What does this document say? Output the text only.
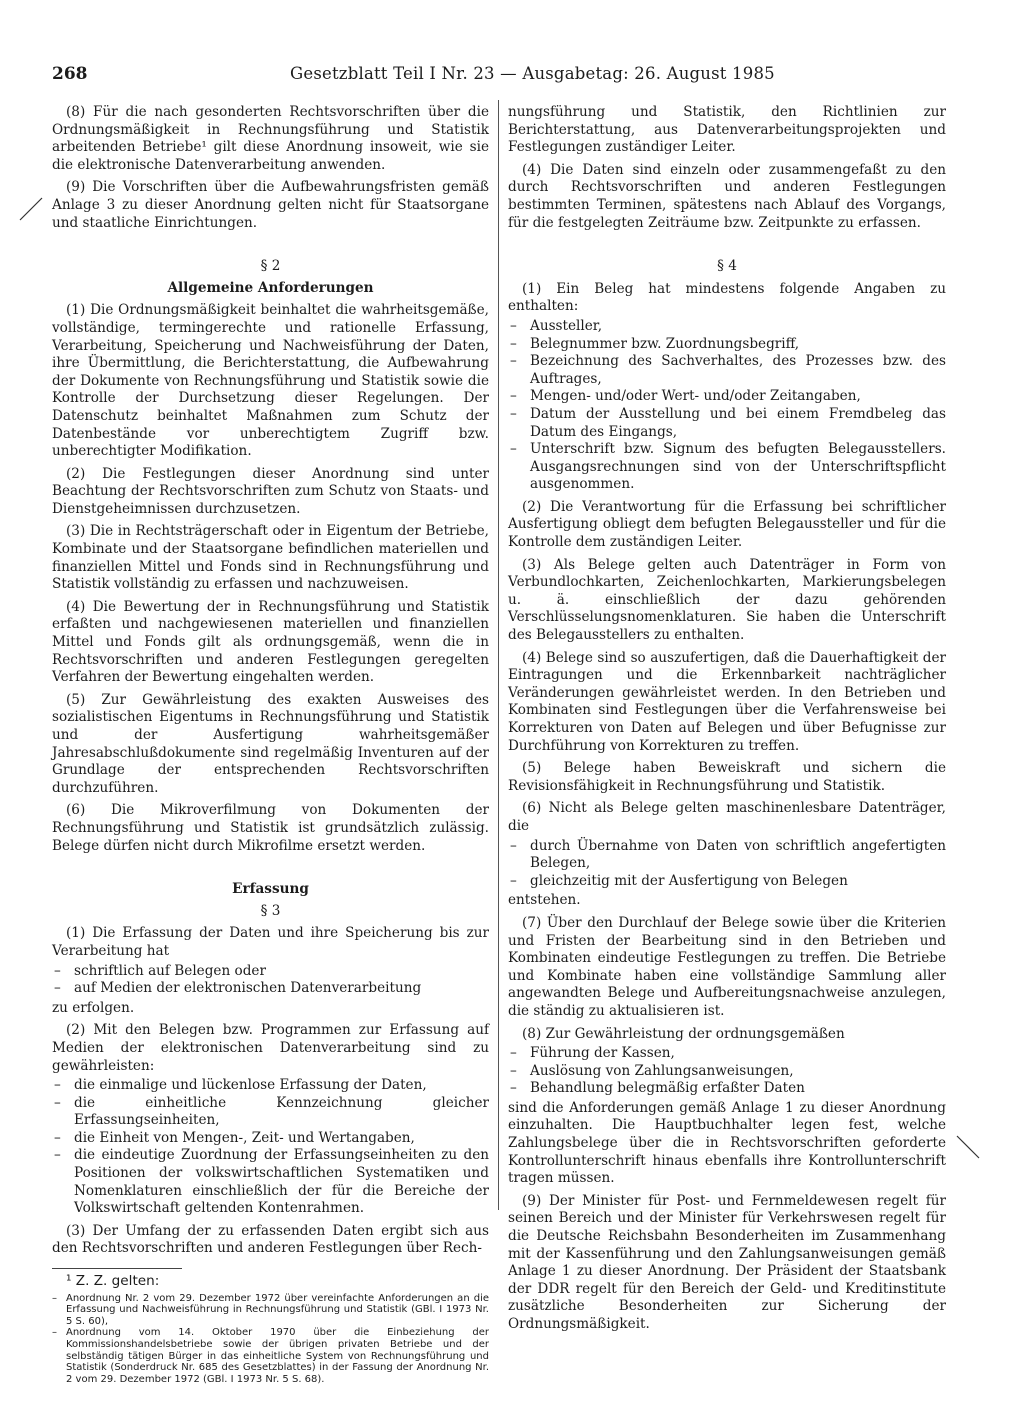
268	Gesetzblatt Teil I Nr. 23 — Ausgabetag: 26. August 1985

(8) Für die nach gesonderten Rechtsvorschriften über die Ordnungsmäßigkeit in Rechnungsführung und Statistik arbeitenden Betriebe¹ gilt diese Anordnung insoweit, wie sie die elektronische Datenverarbeitung anwenden.

(9) Die Vorschriften über die Aufbewahrungsfristen gemäß Anlage 3 zu dieser Anordnung gelten nicht für Staatsorgane und staatliche Einrichtungen.

§ 2
Allgemeine Anforderungen

(1) Die Ordnungsmäßigkeit beinhaltet die wahrheitsgemäße, vollständige, termingerechte und rationelle Erfassung, Verarbeitung, Speicherung und Nachweisführung der Daten, ihre Übermittlung, die Berichterstattung, die Aufbewahrung der Dokumente von Rechnungsführung und Statistik sowie die Kontrolle der Durchsetzung dieser Regelungen. Der Datenschutz beinhaltet Maßnahmen zum Schutz der Datenbestände vor unberechtigtem Zugriff bzw. unberechtigter Modifikation.

(2) Die Festlegungen dieser Anordnung sind unter Beachtung der Rechtsvorschriften zum Schutz von Staats- und Dienstgeheimnissen durchzusetzen.

(3) Die in Rechtsträgerschaft oder in Eigentum der Betriebe, Kombinate und der Staatsorgane befindlichen materiellen und finanziellen Mittel und Fonds sind in Rechnungsführung und Statistik vollständig zu erfassen und nachzuweisen.

(4) Die Bewertung der in Rechnungsführung und Statistik erfaßten und nachgewiesenen materiellen und finanziellen Mittel und Fonds gilt als ordnungsgemäß, wenn die in Rechtsvorschriften und anderen Festlegungen geregelten Verfahren der Bewertung eingehalten werden.

(5) Zur Gewährleistung des exakten Ausweises des sozialistischen Eigentums in Rechnungsführung und Statistik und der Ausfertigung wahrheitsgemäßer Jahresabschlußdokumente sind regelmäßig Inventuren auf der Grundlage der entsprechenden Rechtsvorschriften durchzuführen.

(6) Die Mikroverfilmung von Dokumenten der Rechnungsführung und Statistik ist grundsätzlich zulässig. Belege dürfen nicht durch Mikrofilme ersetzt werden.

Erfassung
§ 3

(1) Die Erfassung der Daten und ihre Speicherung bis zur Verarbeitung hat

– schriftlich auf Belegen oder
– auf Medien der elektronischen Datenverarbeitung

zu erfolgen.

(2) Mit den Belegen bzw. Programmen zur Erfassung auf Medien der elektronischen Datenverarbeitung sind zu gewährleisten:

– die einmalige und lückenlose Erfassung der Daten,
– die einheitliche Kennzeichnung gleicher Erfassungseinheiten,
– die Einheit von Mengen-, Zeit- und Wertangaben,
– die eindeutige Zuordnung der Erfassungseinheiten zu den Positionen der volkswirtschaftlichen Systematiken und Nomenklaturen einschließlich der für die Bereiche der Volkswirtschaft geltenden Kontenrahmen.

(3) Der Umfang der zu erfassenden Daten ergibt sich aus den Rechtsvorschriften und anderen Festlegungen über Rech-

¹ Z. Z. gelten:

– Anordnung Nr. 2 vom 29. Dezember 1972 über vereinfachte Anforderungen an die Erfassung und Nachweisführung in Rechnungsführung und Statistik (GBl. I 1973 Nr. 5 S. 60),
– Anordnung vom 14. Oktober 1970 über die Einbeziehung der Kommissionshandelsbetriebe sowie der übrigen privaten Betriebe und der selbständig tätigen Bürger in das einheitliche System von Rechnungsführung und Statistik (Sonderdruck Nr. 685 des Gesetzblattes) in der Fassung der Anordnung Nr. 2 vom 29. Dezember 1972 (GBl. I 1973 Nr. 5 S. 68).

nungsführung und Statistik, den Richtlinien zur Berichterstattung, aus Datenverarbeitungsprojekten und Festlegungen zuständiger Leiter.

(4) Die Daten sind einzeln oder zusammengefaßt zu den durch Rechtsvorschriften und anderen Festlegungen bestimmten Terminen, spätestens nach Ablauf des Vorgangs, für die festgelegten Zeiträume bzw. Zeitpunkte zu erfassen.

§ 4

(1) Ein Beleg hat mindestens folgende Angaben zu enthalten:

– Aussteller,
– Belegnummer bzw. Zuordnungsbegriff,
– Bezeichnung des Sachverhaltes, des Prozesses bzw. des Auftrages,
– Mengen- und/oder Wert- und/oder Zeitangaben,
– Datum der Ausstellung und bei einem Fremdbeleg das Datum des Eingangs,
– Unterschrift bzw. Signum des befugten Belegausstellers. Ausgangsrechnungen sind von der Unterschriftspflicht ausgenommen.

(2) Die Verantwortung für die Erfassung bei schriftlicher Ausfertigung obliegt dem befugten Belegaussteller und für die Kontrolle dem zuständigen Leiter.

(3) Als Belege gelten auch Datenträger in Form von Verbundlochkarten, Zeichenlochkarten, Markierungsbelegen u. ä. einschließlich der dazu gehörenden Verschlüsselungsnomenklaturen. Sie haben die Unterschrift des Belegausstellers zu enthalten.

(4) Belege sind so auszufertigen, daß die Dauerhaftigkeit der Eintragungen und die Erkennbarkeit nachträglicher Veränderungen gewährleistet werden. In den Betrieben und Kombinaten sind Festlegungen über die Verfahrensweise bei Korrekturen von Daten auf Belegen und über Befugnisse zur Durchführung von Korrekturen zu treffen.

(5) Belege haben Beweiskraft und sichern die Revisionsfähigkeit in Rechnungsführung und Statistik.

(6) Nicht als Belege gelten maschinenlesbare Datenträger, die

– durch Übernahme von Daten von schriftlich angefertigten Belegen,
– gleichzeitig mit der Ausfertigung von Belegen

entstehen.

(7) Über den Durchlauf der Belege sowie über die Kriterien und Fristen der Bearbeitung sind in den Betrieben und Kombinaten eindeutige Festlegungen zu treffen. Die Betriebe und Kombinate haben eine vollständige Sammlung aller angewandten Belege und Aufbereitungsnachweise anzulegen, die ständig zu aktualisieren ist.

(8) Zur Gewährleistung der ordnungsgemäßen

– Führung der Kassen,
– Auslösung von Zahlungsanweisungen,
– Behandlung belegmäßig erfaßter Daten

sind die Anforderungen gemäß Anlage 1 zu dieser Anordnung einzuhalten. Die Hauptbuchhalter legen fest, welche Zahlungsbelege über die in Rechtsvorschriften geforderte Kontrollunterschrift hinaus ebenfalls ihre Kontrollunterschrift tragen müssen.

(9) Der Minister für Post- und Fernmeldewesen regelt für seinen Bereich und der Minister für Verkehrswesen regelt für die Deutsche Reichsbahn Besonderheiten im Zusammenhang mit der Kassenführung und den Zahlungsanweisungen gemäß Anlage 1 zu dieser Anordnung. Der Präsident der Staatsbank der DDR regelt für den Bereich der Geld- und Kreditinstitute zusätzliche Besonderheiten zur Sicherung der Ordnungsmäßigkeit.
